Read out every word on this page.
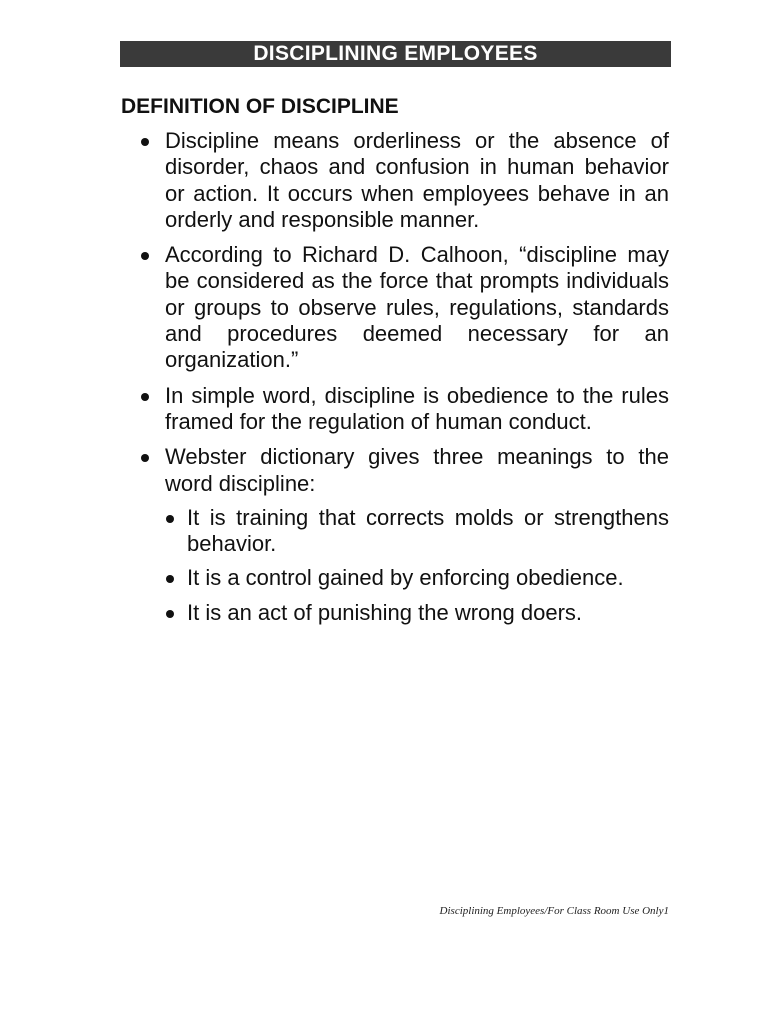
DISCIPLINING EMPLOYEES
DEFINITION OF DISCIPLINE
Discipline means orderliness or the absence of disorder, chaos and confusion in human behavior or action. It occurs when employees behave in an orderly and responsible manner.
According to Richard D. Calhoon, “discipline may be considered as the force that prompts individuals or groups to observe rules, regulations, standards and procedures deemed necessary for an organization.”
In simple word, discipline is obedience to the rules framed for the regulation of human conduct.
Webster dictionary gives three meanings to the word discipline:
It is training that corrects molds or strengthens behavior.
It is a control gained by enforcing obedience.
It is an act of punishing the wrong doers.
Disciplining Employees/For Class Room Use Only1
